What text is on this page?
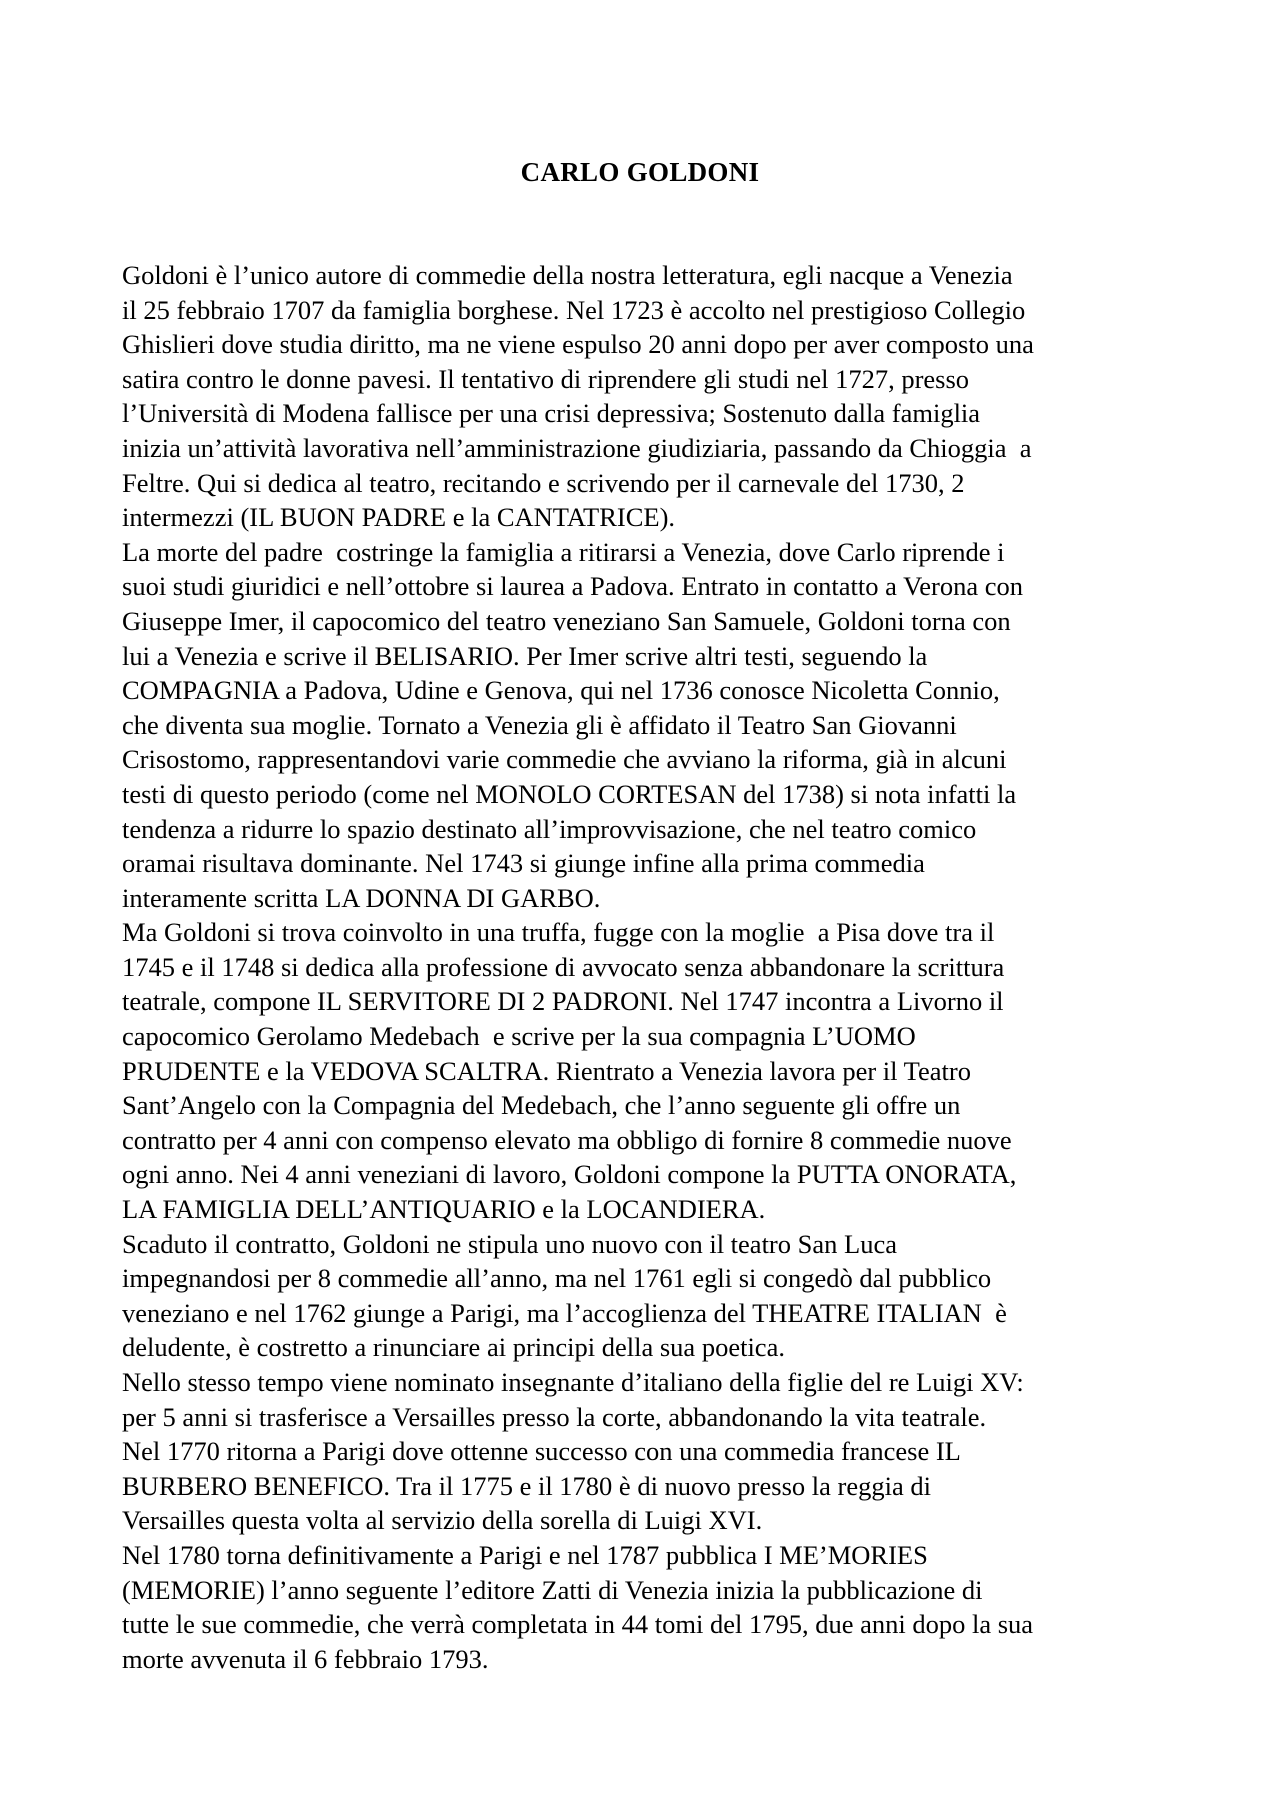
CARLO GOLDONI
Goldoni è l’unico autore di commedie della nostra letteratura, egli nacque a Venezia
il 25 febbraio 1707 da famiglia borghese. Nel 1723 è accolto nel prestigioso Collegio
Ghislieri dove studia diritto, ma ne viene espulso 20 anni dopo per aver composto una
satira contro le donne pavesi. Il tentativo di riprendere gli studi nel 1727, presso
l’Università di Modena fallisce per una crisi depressiva; Sostenuto dalla famiglia
inizia un’attività lavorativa nell’amministrazione giudiziaria, passando da Chioggia  a
Feltre. Qui si dedica al teatro, recitando e scrivendo per il carnevale del 1730, 2
intermezzi (IL BUON PADRE e la CANTATRICE).
La morte del padre  costringe la famiglia a ritirarsi a Venezia, dove Carlo riprende i
suoi studi giuridici e nell’ottobre si laurea a Padova. Entrato in contatto a Verona con
Giuseppe Imer, il capocomico del teatro veneziano San Samuele, Goldoni torna con
lui a Venezia e scrive il BELISARIO. Per Imer scrive altri testi, seguendo la
COMPAGNIA a Padova, Udine e Genova, qui nel 1736 conosce Nicoletta Connio,
che diventa sua moglie. Tornato a Venezia gli è affidato il Teatro San Giovanni
Crisostomo, rappresentandovi varie commedie che avviano la riforma, già in alcuni
testi di questo periodo (come nel MONOLO CORTESAN del 1738) si nota infatti la
tendenza a ridurre lo spazio destinato all’improvvisazione, che nel teatro comico
oramai risultava dominante. Nel 1743 si giunge infine alla prima commedia
interamente scritta LA DONNA DI GARBO.
Ma Goldoni si trova coinvolto in una truffa, fugge con la moglie  a Pisa dove tra il
1745 e il 1748 si dedica alla professione di avvocato senza abbandonare la scrittura
teatrale, compone IL SERVITORE DI 2 PADRONI. Nel 1747 incontra a Livorno il
capocomico Gerolamo Medebach  e scrive per la sua compagnia L’UOMO
PRUDENTE e la VEDOVA SCALTRA. Rientrato a Venezia lavora per il Teatro
Sant’Angelo con la Compagnia del Medebach, che l’anno seguente gli offre un
contratto per 4 anni con compenso elevato ma obbligo di fornire 8 commedie nuove
ogni anno. Nei 4 anni veneziani di lavoro, Goldoni compone la PUTTA ONORATA,
LA FAMIGLIA DELL’ANTIQUARIO e la LOCANDIERA.
Scaduto il contratto, Goldoni ne stipula uno nuovo con il teatro San Luca
impegnandosi per 8 commedie all’anno, ma nel 1761 egli si congedò dal pubblico
veneziano e nel 1762 giunge a Parigi, ma l’accoglienza del THEATRE ITALIAN  è
deludente, è costretto a rinunciare ai principi della sua poetica.
Nello stesso tempo viene nominato insegnante d’italiano della figlie del re Luigi XV:
per 5 anni si trasferisce a Versailles presso la corte, abbandonando la vita teatrale.
Nel 1770 ritorna a Parigi dove ottenne successo con una commedia francese IL
BURBERO BENEFICO. Tra il 1775 e il 1780 è di nuovo presso la reggia di
Versailles questa volta al servizio della sorella di Luigi XVI.
Nel 1780 torna definitivamente a Parigi e nel 1787 pubblica I ME’MORIES
(MEMORIE) l’anno seguente l’editore Zatti di Venezia inizia la pubblicazione di
tutte le sue commedie, che verrà completata in 44 tomi del 1795, due anni dopo la sua
morte avvenuta il 6 febbraio 1793.
